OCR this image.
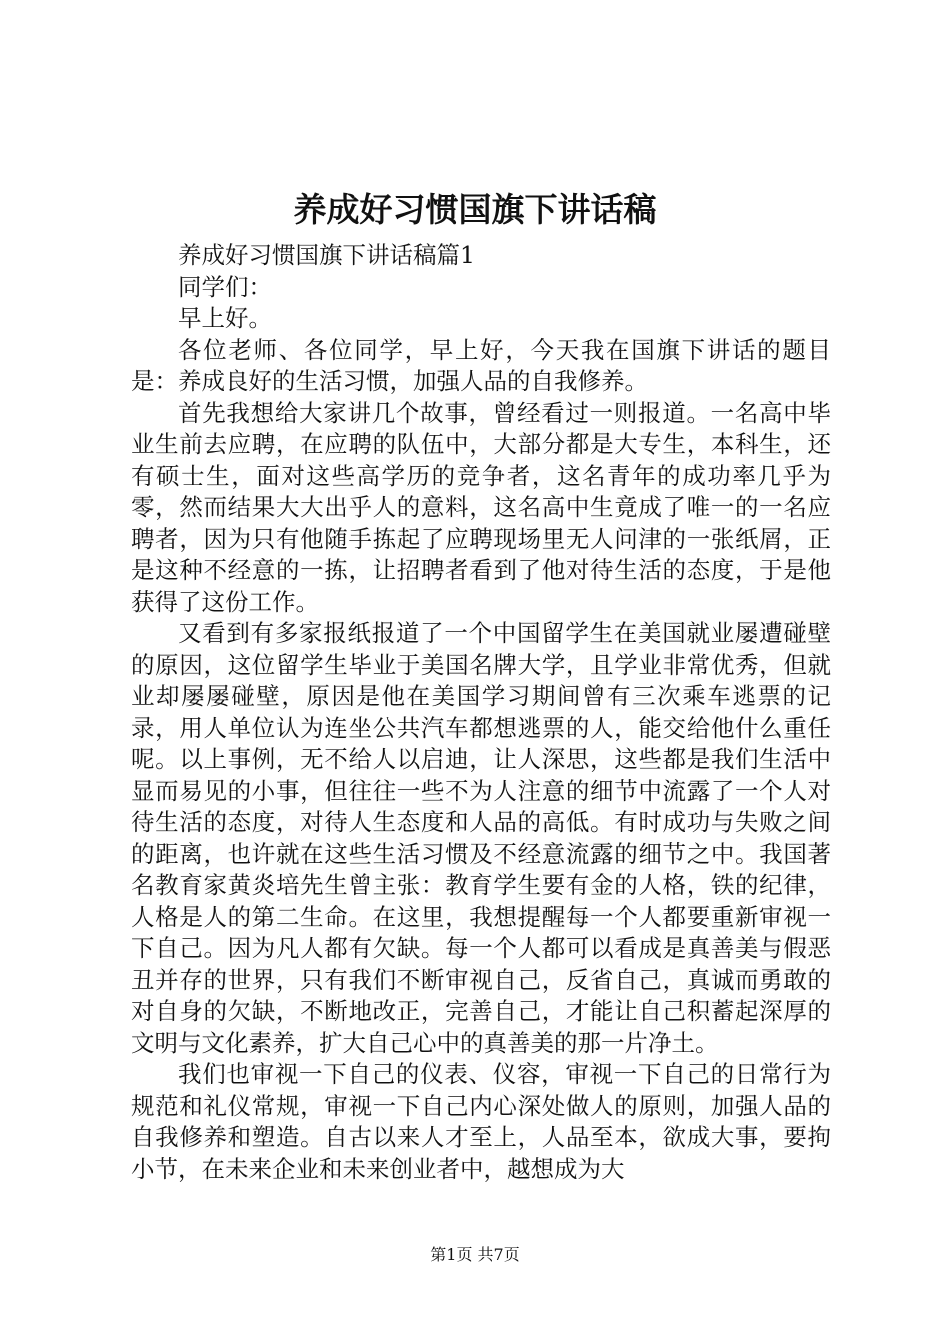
养成好习惯国旗下讲话稿

养成好习惯国旗下讲话稿篇1

同学们：

早上好。

各位老师、各位同学，早上好，今天我在国旗下讲话的题目是：养成良好的生活习惯，加强人品的自我修养。

首先我想给大家讲几个故事，曾经看过一则报道。一名高中毕业生前去应聘，在应聘的队伍中，大部分都是大专生，本科生，还有硕士生，面对这些高学历的竞争者，这名青年的成功率几乎为零，然而结果大大出乎人的意料，这名高中生竟成了唯一的一名应聘者，因为只有他随手拣起了应聘现场里无人问津的一张纸屑，正是这种不经意的一拣，让招聘者看到了他对待生活的态度，于是他获得了这份工作。

又看到有多家报纸报道了一个中国留学生在美国就业屡遭碰壁的原因，这位留学生毕业于美国名牌大学，且学业非常优秀，但就业却屡屡碰壁，原因是他在美国学习期间曾有三次乘车逃票的记录，用人单位认为连坐公共汽车都想逃票的人，能交给他什么重任呢。以上事例，无不给人以启迪，让人深思，这些都是我们生活中显而易见的小事，但往往一些不为人注意的细节中流露了一个人对待生活的态度，对待人生态度和人品的高低。有时成功与失败之间的距离，也许就在这些生活习惯及不经意流露的细节之中。我国著名教育家黄炎培先生曾主张：教育学生要有金的人格，铁的纪律，人格是人的第二生命。在这里，我想提醒每一个人都要重新审视一下自己。因为凡人都有欠缺。每一个人都可以看成是真善美与假恶丑并存的世界，只有我们不断审视自己，反省自己，真诚而勇敢的对自身的欠缺，不断地改正，完善自己，才能让自己积蓄起深厚的文明与文化素养，扩大自己心中的真善美的那一片净土。

我们也审视一下自己的仪表、仪容，审视一下自己的日常行为规范和礼仪常规，审视一下自己内心深处做人的原则，加强人品的自我修养和塑造。自古以来人才至上，人品至本，欲成大事，要拘小节，在未来企业和未来创业者中，越想成为大

第1页 共7页
